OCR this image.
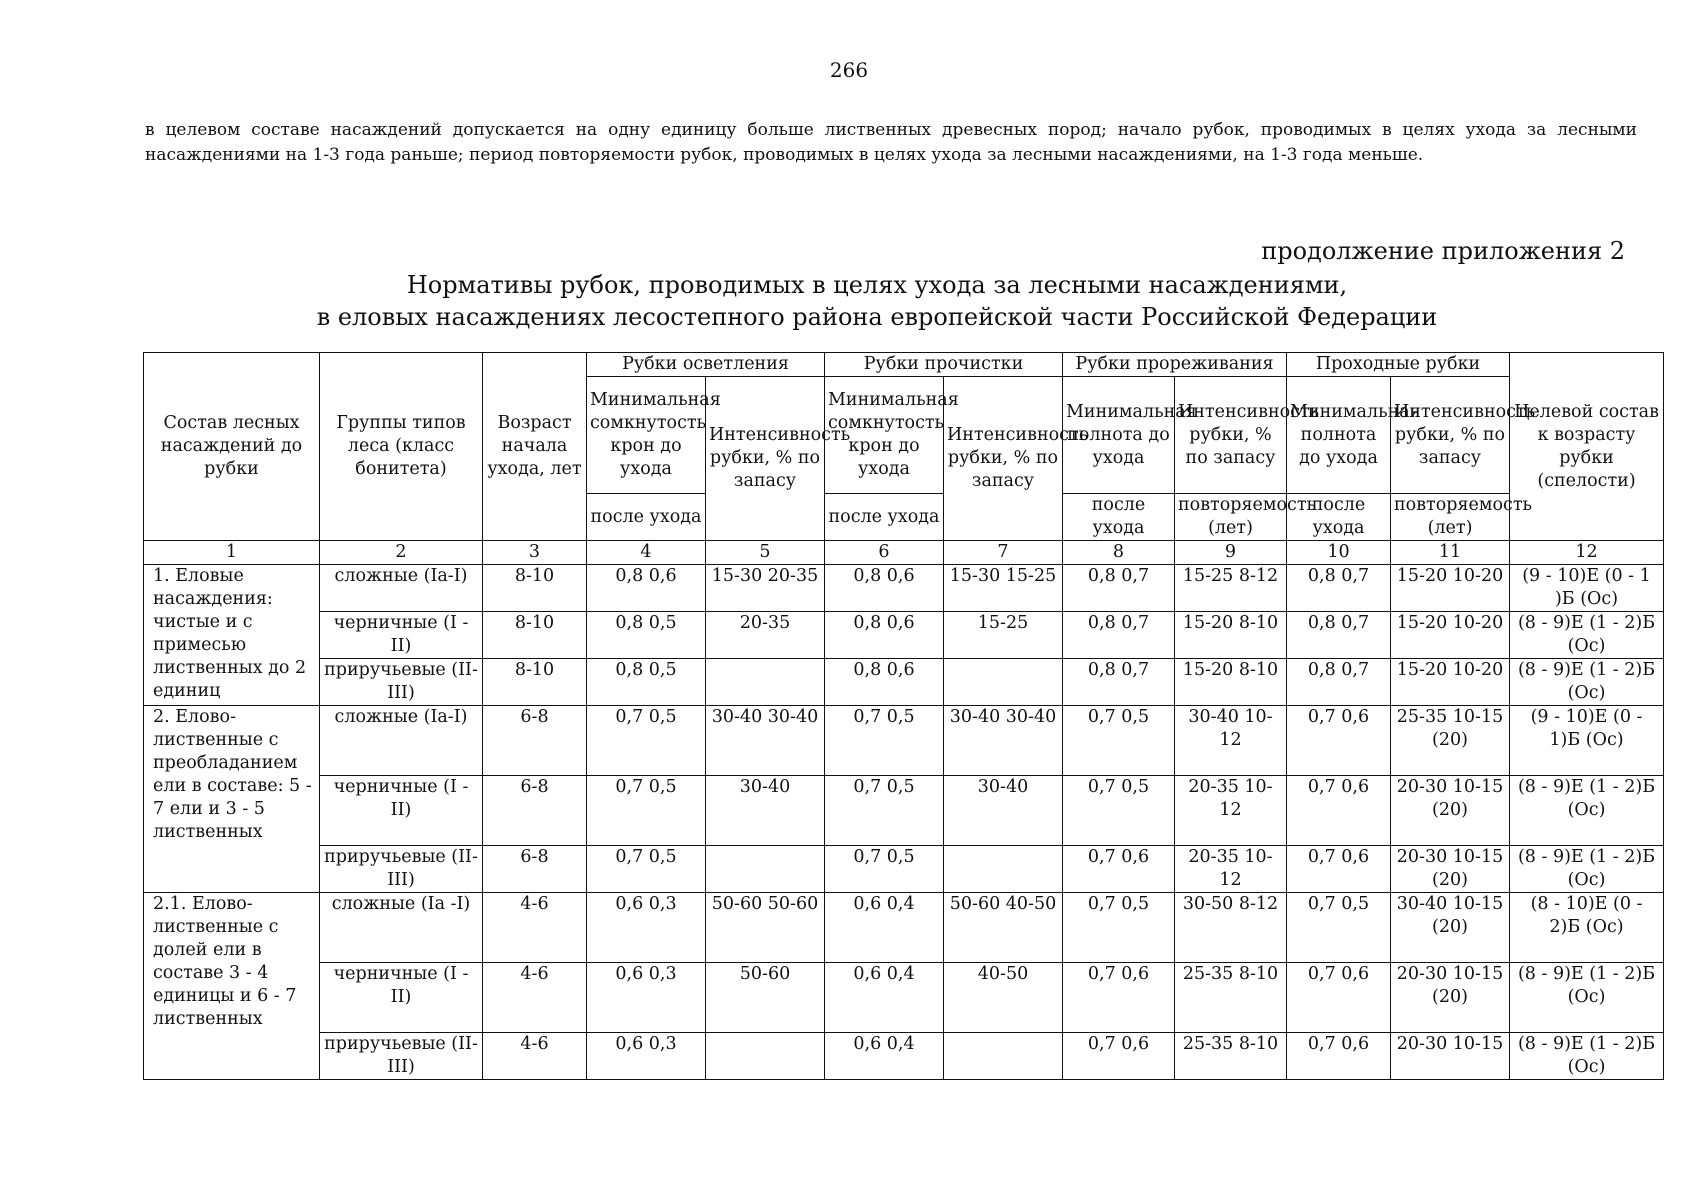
266

в целевом составе насаждений допускается на одну единицу больше лиственных древесных пород; начало рубок, проводимых в целях ухода за лесными насаждениями на 1-3 года раньше; период повторяемости рубок, проводимых в целях ухода за лесными насаждениями, на 1-3 года меньше.

продолжение приложения 2
Нормативы рубок, проводимых в целях ухода за лесными насаждениями,
в еловых насаждениях лесостепного района европейской части Российской Федерации
Состав лесных насаждений до рубки	Группы типов леса (класс бонитета)	Возраст начала ухода, лет	Рубки осветления		Рубки прочистки		Рубки прореживания		Проходные рубки		Целевой состав к возрасту рубки (спелости)
			Минимальная сомкнутость крон до ухода	Интенсивность рубки, % по запасу	Минимальная сомкнутость крон до ухода	Интенсивность рубки, % по запасу	Минимальная полнота до ухода	Интенсивность рубки, % по запасу	Минимальная полнота до ухода	Интенсивность рубки, % по запасу	
			после ухода		после ухода		после ухода	повторяемость (лет)	после ухода	повторяемость (лет)	
1	2	3	4	5	6	7	8	9	10	11	12
1. Еловые насаждения: чистые и с примесью лиственных до 2 единиц	сложные (Ia-I)	8-10	0,8 0,6	15-30 20-35	0,8 0,6	15-30 15-25	0,8 0,7	15-25 8-12	0,8 0,7	15-20 10-20	(9 - 10)Е (0 - 1 )Б (Ос)
	черничные (I - II)	8-10	0,8 0,5	20-35	0,8 0,6	15-25	0,8 0,7	15-20 8-10	0,8 0,7	15-20 10-20	(8 - 9)Е (1 - 2)Б (Ос)
	приручьевые (II-III)	8-10	0,8 0,5		0,8 0,6		0,8 0,7	15-20 8-10	0,8 0,7	15-20 10-20	(8 - 9)Е (1 - 2)Б (Ос)
2. Елово-лиственные с преобладанием ели в составе: 5 - 7 ели и 3 - 5 лиственных	сложные (Ia-I)	6-8	0,7 0,5	30-40 30-40	0,7 0,5	30-40 30-40	0,7 0,5	30-40 10-12	0,7 0,6	25-35 10-15 (20)	(9 - 10)Е (0 - 1)Б (Ос)
	черничные (I - II)	6-8	0,7 0,5	30-40	0,7 0,5	30-40	0,7 0,5	20-35 10-12	0,7 0,6	20-30 10-15 (20)	(8 - 9)Е (1 - 2)Б (Ос)
	приручьевые (II-III)	6-8	0,7 0,5		0,7 0,5		0,7 0,6	20-35 10-12	0,7 0,6	20-30 10-15 (20)	(8 - 9)Е (1 - 2)Б (Ос)
2.1. Елово-лиственные с долей ели в составе 3 - 4 единицы и 6 - 7 лиственных	сложные (Ia -I)	4-6	0,6 0,3	50-60 50-60	0,6 0,4	50-60 40-50	0,7 0,5	30-50 8-12	0,7 0,5	30-40 10-15 (20)	(8 - 10)Е (0 - 2)Б (Ос)
	черничные (I - II)	4-6	0,6 0,3	50-60	0,6 0,4	40-50	0,7 0,6	25-35 8-10	0,7 0,6	20-30 10-15 (20)	(8 - 9)Е (1 - 2)Б (Ос)
	приручьевые (II-III)	4-6	0,6 0,3		0,6 0,4		0,7 0,6	25-35 8-10	0,7 0,6	20-30 10-15	(8 - 9)Е (1 - 2)Б (Ос)
